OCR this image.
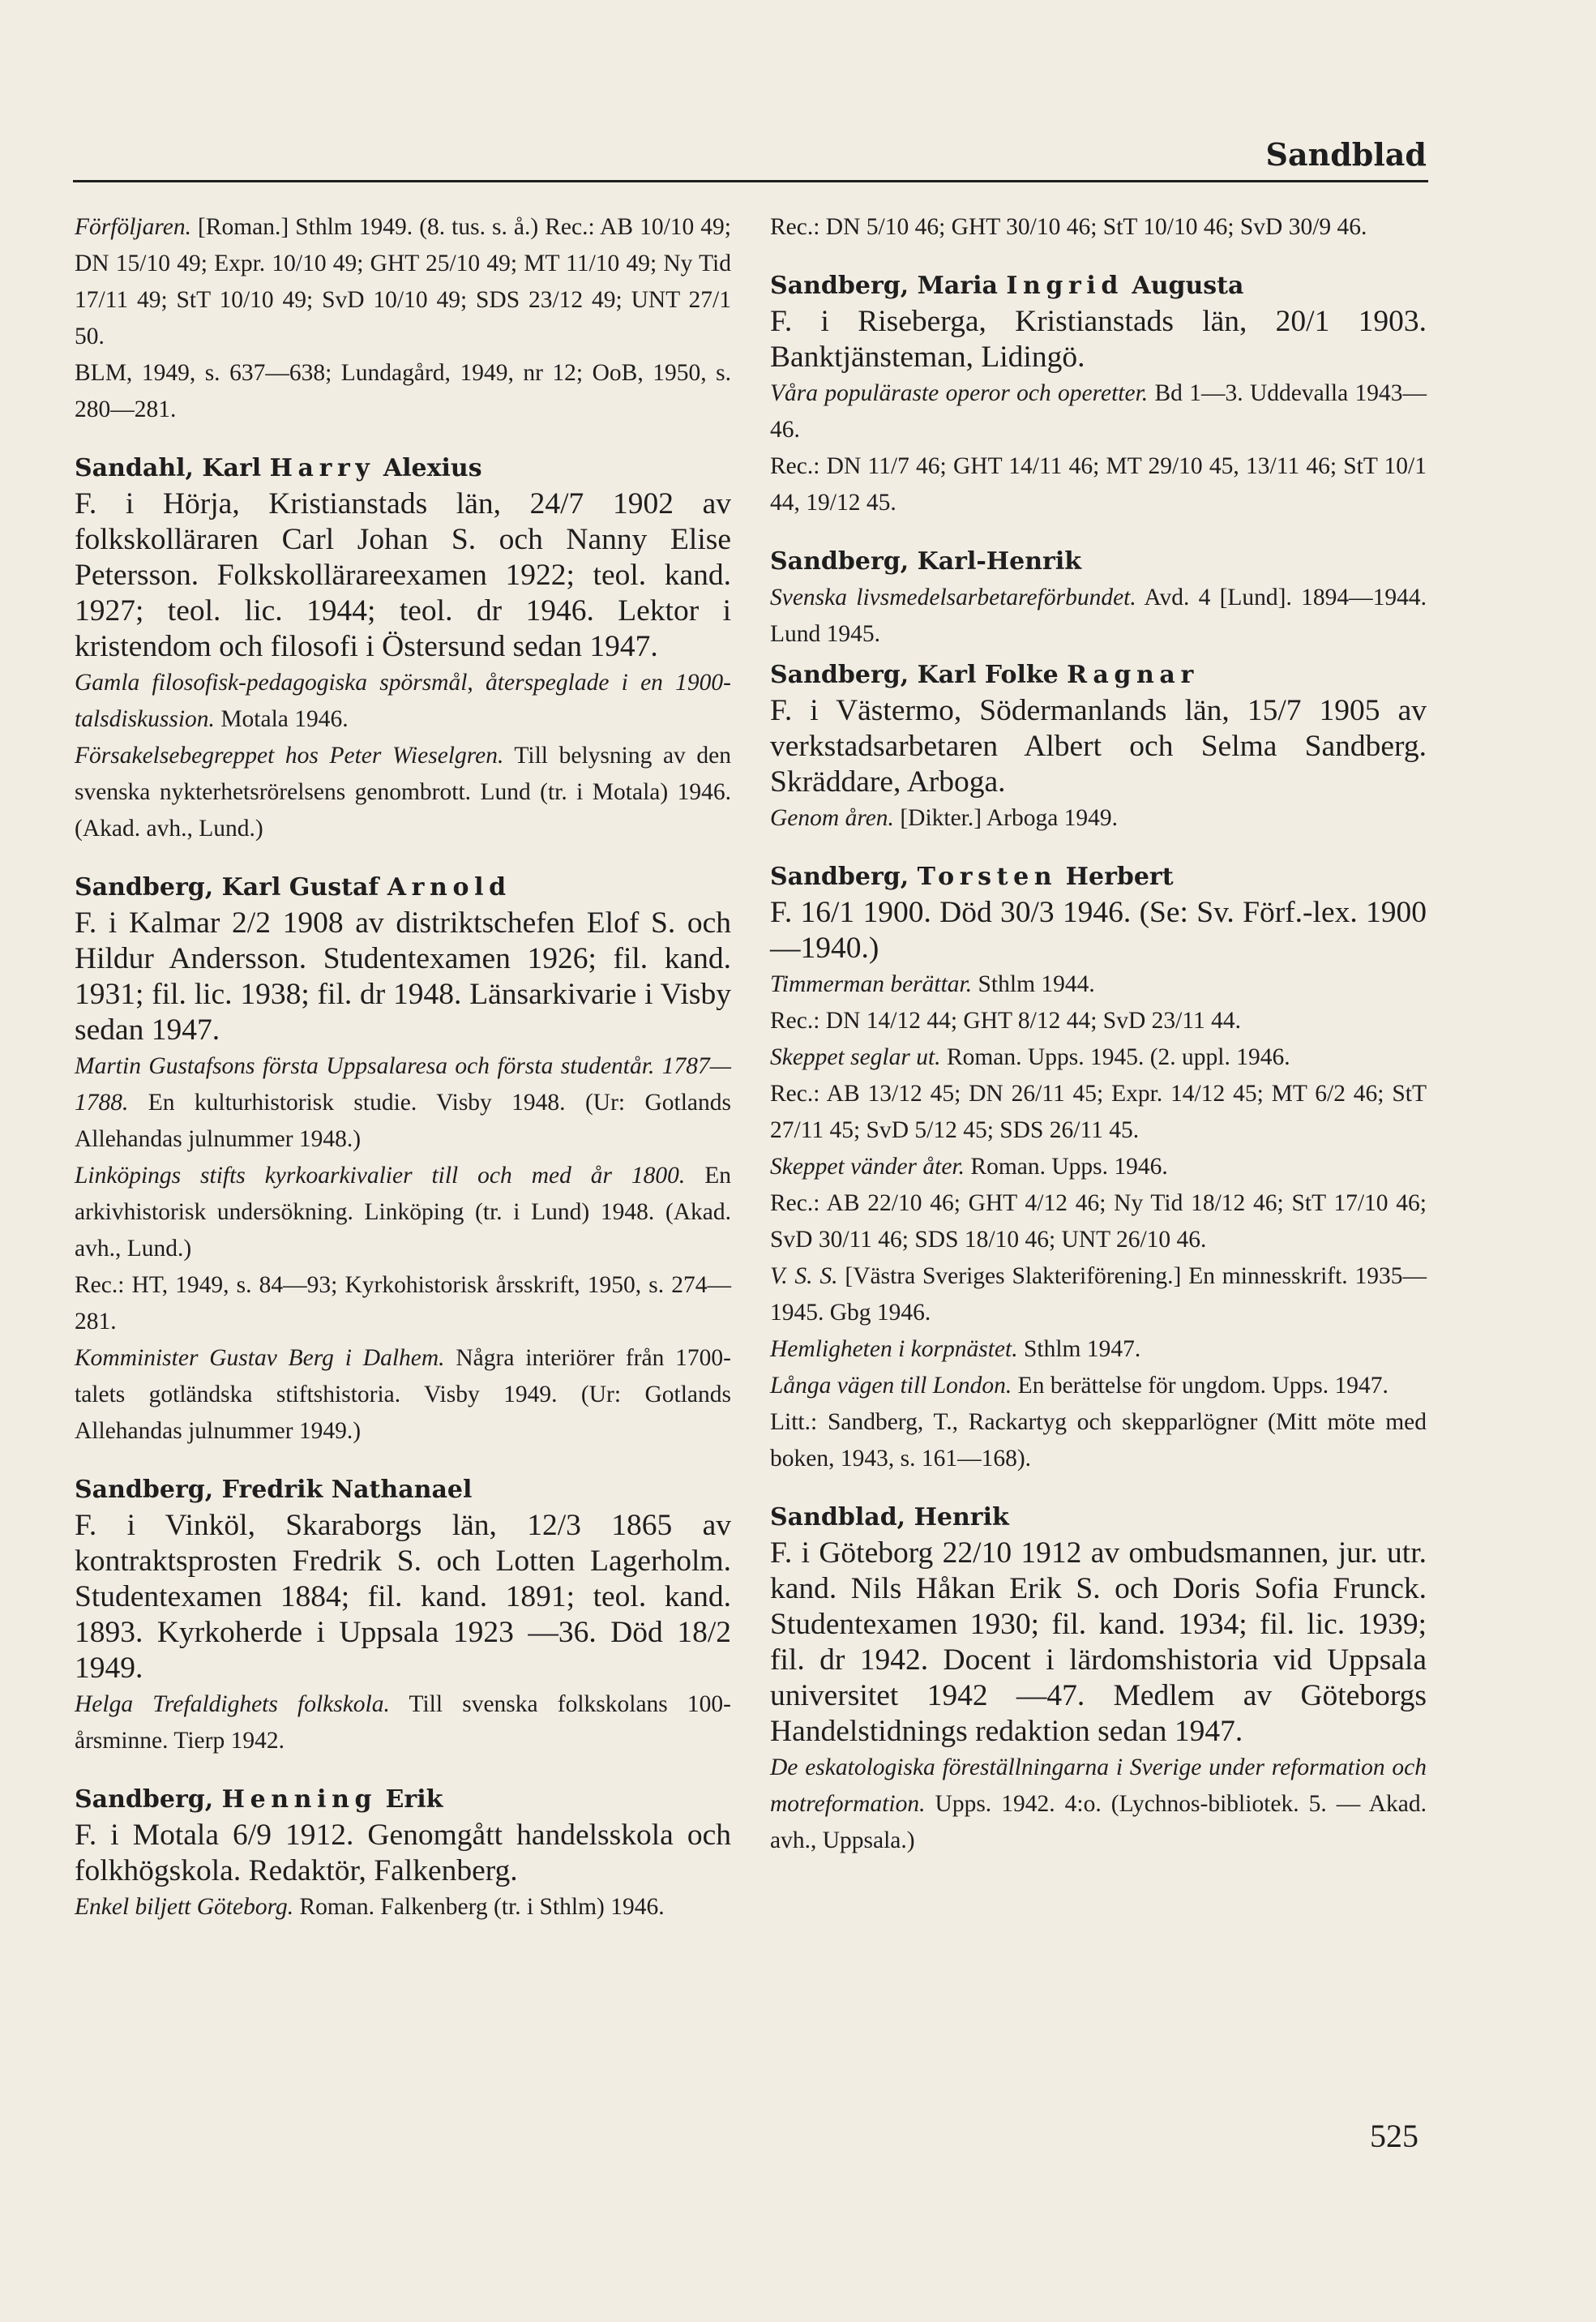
Sandblad
Förföljaren. [Roman.] Sthlm 1949. (8. tus. s. å.) Rec.: AB 10/10 49; DN 15/10 49; Expr. 10/10 49; GHT 25/10 49; MT 11/10 49; Ny Tid 17/11 49; StT 10/10 49; SvD 10/10 49; SDS 23/12 49; UNT 27/1 50.
BLM, 1949, s. 637—638; Lundagård, 1949, nr 12; OoB, 1950, s. 280—281.
Sandahl, Karl Harry Alexius
F. i Hörja, Kristianstads län, 24/7 1902 av folkskolläraren Carl Johan S. och Nanny Elise Petersson. Folkskollärareexamen 1922; teol. kand. 1927; teol. lic. 1944; teol. dr 1946. Lektor i kristendom och filosofi i Östersund sedan 1947.
Gamla filosofisk-pedagogiska spörsmål, återspeglade i en 1900-talsdiskussion. Motala 1946.
Försakelsebegreppet hos Peter Wieselgren. Till belysning av den svenska nykterhetsrörelsens genombrott. Lund (tr. i Motala) 1946. (Akad. avh., Lund.)
Sandberg, Karl Gustaf Arnold
F. i Kalmar 2/2 1908 av distriktschefen Elof S. och Hildur Andersson. Studentexamen 1926; fil. kand. 1931; fil. lic. 1938; fil. dr 1948. Länsarkivarie i Visby sedan 1947.
Martin Gustafsons första Uppsalaresa och första studentår. 1787—1788. En kulturhistorisk studie. Visby 1948. (Ur: Gotlands Allehandas julnummer 1948.)
Linköpings stifts kyrkoarkivalier till och med år 1800. En arkivhistorisk undersökning. Linköping (tr. i Lund) 1948. (Akad. avh., Lund.)
Rec.: HT, 1949, s. 84—93; Kyrkohistorisk årsskrift, 1950, s. 274—281.
Komminister Gustav Berg i Dalhem. Några interiörer från 1700-talets gotländska stiftshistoria. Visby 1949. (Ur: Gotlands Allehandas julnummer 1949.)
Sandberg, Fredrik Nathanael
F. i Vinköl, Skaraborgs län, 12/3 1865 av kontraktsprosten Fredrik S. och Lotten Lagerholm. Studentexamen 1884; fil. kand. 1891; teol. kand. 1893. Kyrkoherde i Uppsala 1923 —36. Död 18/2 1949.
Helga Trefaldighets folkskola. Till svenska folkskolans 100-årsminne. Tierp 1942.
Sandberg, Henning Erik
F. i Motala 6/9 1912. Genomgått handelsskola och folkhögskola. Redaktör, Falkenberg.
Enkel biljett Göteborg. Roman. Falkenberg (tr. i Sthlm) 1946.
Rec.: DN 5/10 46; GHT 30/10 46; StT 10/10 46; SvD 30/9 46.
Sandberg, Maria Ingrid Augusta
F. i Riseberga, Kristianstads län, 20/1 1903. Banktjänsteman, Lidingö.
Våra populäraste operor och operetter. Bd 1—3. Uddevalla 1943—46.
Rec.: DN 11/7 46; GHT 14/11 46; MT 29/10 45, 13/11 46; StT 10/1 44, 19/12 45.
Sandberg, Karl-Henrik
Svenska livsmedelsarbetareförbundet. Avd. 4 [Lund]. 1894—1944. Lund 1945.
Sandberg, Karl Folke Ragnar
F. i Västermo, Södermanlands län, 15/7 1905 av verkstadsarbetaren Albert och Selma Sandberg. Skräddare, Arboga.
Genom åren. [Dikter.] Arboga 1949.
Sandberg, Torsten Herbert
F. 16/1 1900. Död 30/3 1946. (Se: Sv. Förf.-lex. 1900—1940.)
Timmerman berättar. Sthlm 1944.
Rec.: DN 14/12 44; GHT 8/12 44; SvD 23/11 44.
Skeppet seglar ut. Roman. Upps. 1945. (2. uppl. 1946.
Rec.: AB 13/12 45; DN 26/11 45; Expr. 14/12 45; MT 6/2 46; StT 27/11 45; SvD 5/12 45; SDS 26/11 45.
Skeppet vänder åter. Roman. Upps. 1946.
Rec.: AB 22/10 46; GHT 4/12 46; Ny Tid 18/12 46; StT 17/10 46; SvD 30/11 46; SDS 18/10 46; UNT 26/10 46.
V. S. S. [Västra Sveriges Slakteriförening.] En minnesskrift. 1935—1945. Gbg 1946.
Hemligheten i korpnästet. Sthlm 1947.
Långa vägen till London. En berättelse för ungdom. Upps. 1947.
Litt.: Sandberg, T., Rackartyg och skepparlögner (Mitt möte med boken, 1943, s. 161—168).
Sandblad, Henrik
F. i Göteborg 22/10 1912 av ombudsmannen, jur. utr. kand. Nils Håkan Erik S. och Doris Sofia Frunck. Studentexamen 1930; fil. kand. 1934; fil. lic. 1939; fil. dr 1942. Docent i lärdomshistoria vid Uppsala universitet 1942 —47. Medlem av Göteborgs Handelstidnings redaktion sedan 1947.
De eskatologiska föreställningarna i Sverige under reformation och motreformation. Upps. 1942. 4:o. (Lychnos-bibliotek. 5. — Akad. avh., Uppsala.)
525
